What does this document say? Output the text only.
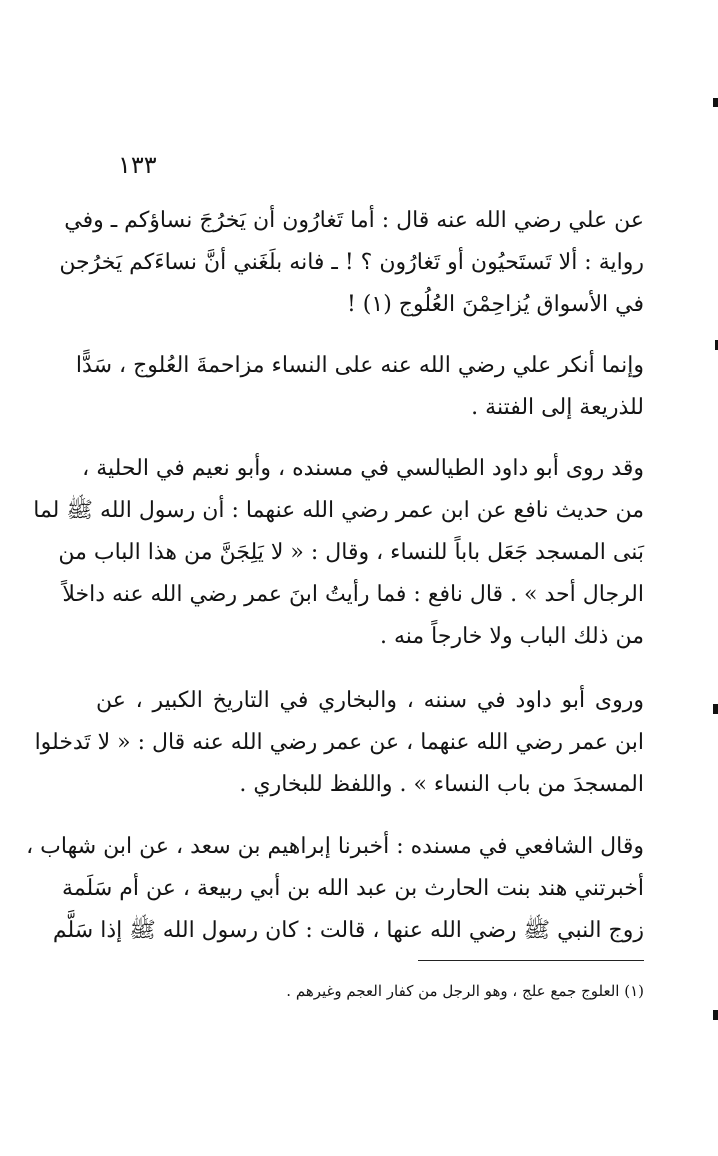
١٣٣
عن علي رضي الله عنه قال : أما تَغارُون أن يَخرُجَ نساؤكم ـ وفي
رواية : ألا تَستَحيُون أو تَغارُون ؟ ! ـ فانه بلَغَني أنَّ نساءَكم يَخرُجن
في الأسواق يُزاحِمْنَ العُلُوج (١) !
وإنما أنكر علي رضي الله عنه على النساء مزاحمةَ العُلوج ، سَدًّا
للذريعة إلى الفتنة .
وقد روى أبو داود الطيالسي في مسنده ، وأبو نعيم في الحلية ،
من حديث نافع عن ابن عمر رضي الله عنهما : أن رسول الله ﷺ لما
بَنى المسجد جَعَل باباً للنساء ، وقال : « لا يَلِجَنَّ من هذا الباب من
الرجال أحد » . قال نافع : فما رأيتُ ابنَ عمر رضي الله عنه داخلاً
من ذلك الباب ولا خارجاً منه .
وروى أبو داود في سننه ، والبخاري في التاريخ الكبير ، عن
ابن عمر رضي الله عنهما ، عن عمر رضي الله عنه قال : « لا تَدخلوا
المسجدَ من باب النساء » . واللفظ للبخاري .
وقال الشافعي في مسنده : أخبرنا إبراهيم بن سعد ، عن ابن شهاب ،
أخبرتني هند بنت الحارث بن عبد الله بن أبي ربيعة ، عن أم سَلَمة
زوج النبي ﷺ رضي الله عنها ، قالت : كان رسول الله ﷺ إذا سَلَّم
(١) العلوج جمع علج ، وهو الرجل من كفار العجم وغيرهم .
